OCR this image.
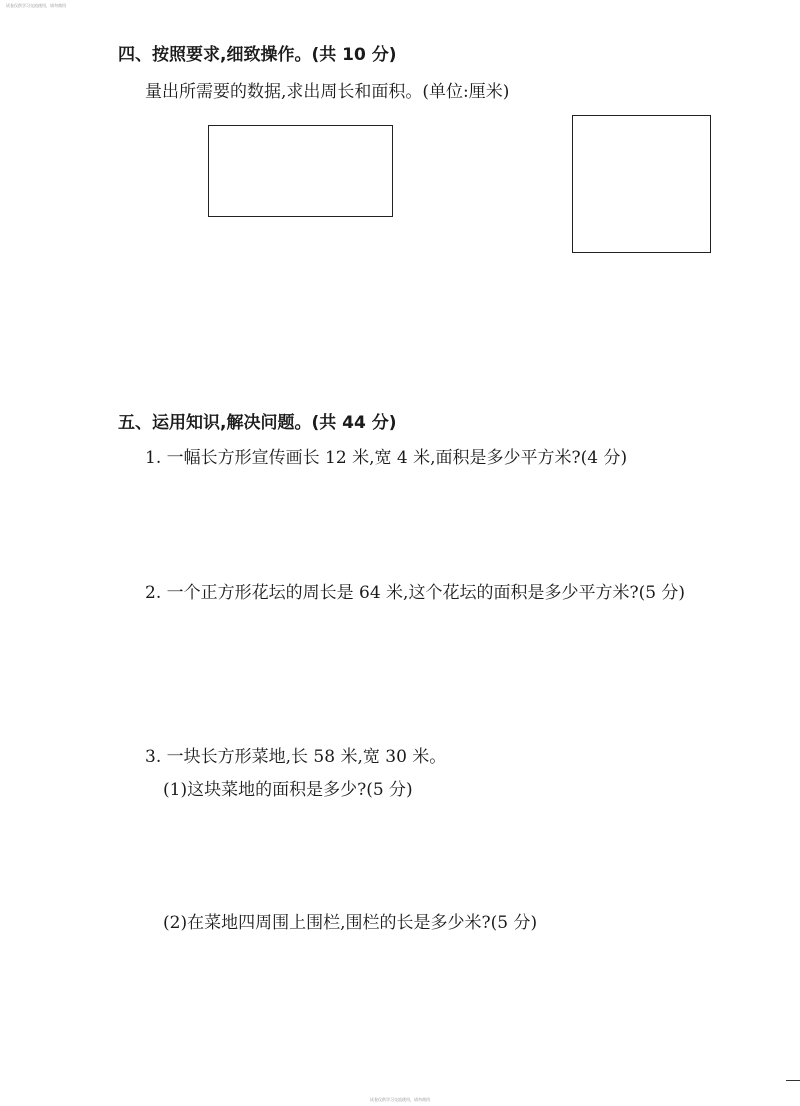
试卷仅供学习交流使用，请勿商用
四、按照要求,细致操作。(共 10 分)
量出所需要的数据,求出周长和面积。(单位:厘米)
五、运用知识,解决问题。(共 44 分)
1. 一幅长方形宣传画长 12 米,宽 4 米,面积是多少平方米?(4 分)
2. 一个正方形花坛的周长是 64 米,这个花坛的面积是多少平方米?(5 分)
3. 一块长方形菜地,长 58 米,宽 30 米。
(1)这块菜地的面积是多少?(5 分)
(2)在菜地四周围上围栏,围栏的长是多少米?(5 分)
试卷仅供学习交流使用，请勿商用
